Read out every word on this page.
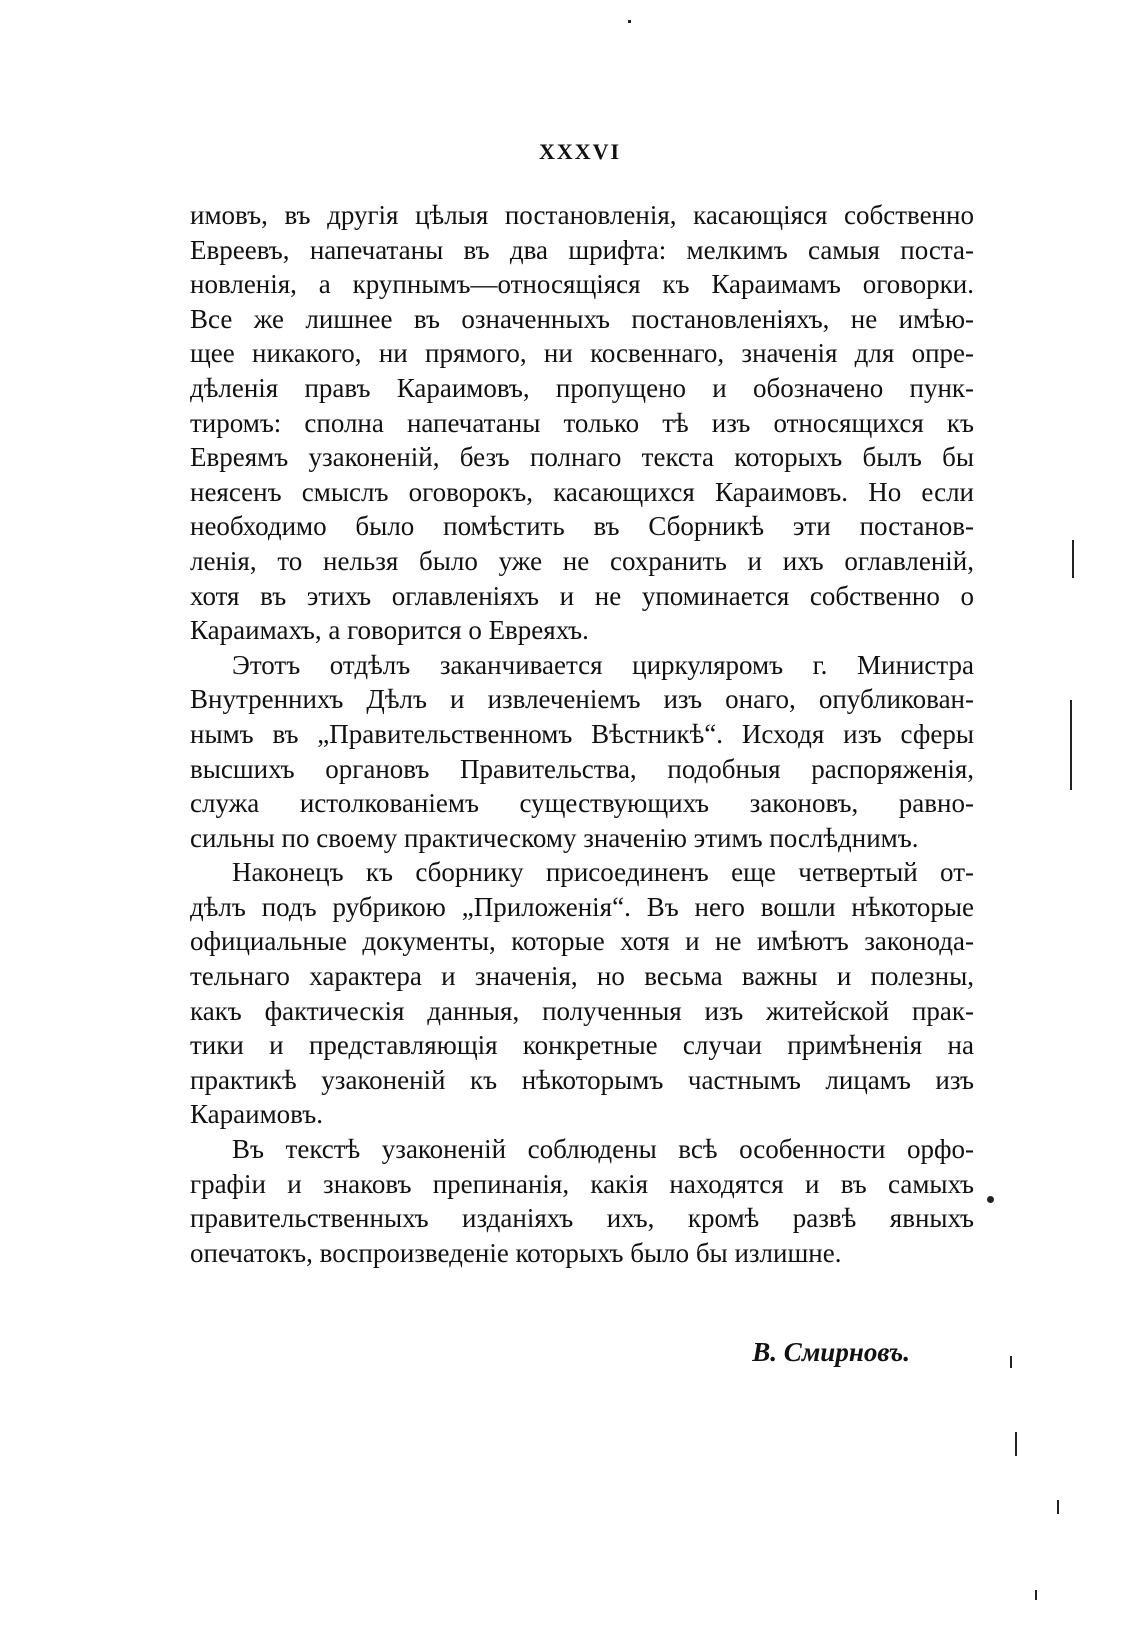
XXXVI
имовъ, въ другія цѣлыя постановленія, касающіяся собственно
Евреевъ, напечатаны въ два шрифта: мелкимъ самыя поста-
новленія, а крупнымъ—относящіяся къ Караимамъ оговорки.
Все же лишнее въ означенныхъ постановленіяхъ, не имѣю-
щее никакого, ни прямого, ни косвеннаго, значенія для опре-
дѣленія правъ Караимовъ, пропущено и обозначено пунк-
тиромъ: сполна напечатаны только тѣ изъ относящихся къ
Евреямъ узаконеній, безъ полнаго текста которыхъ былъ бы
неясенъ смыслъ оговорокъ, касающихся Караимовъ. Но если
необходимо было помѣстить въ Сборникѣ эти постанов-
ленія, то нельзя было уже не сохранить и ихъ оглавленій,
хотя въ этихъ оглавленіяхъ и не упоминается собственно о
Караимахъ, а говорится о Евреяхъ.
Этотъ отдѣлъ заканчивается циркуляромъ г. Министра
Внутреннихъ Дѣлъ и извлеченіемъ изъ онаго, опубликован-
нымъ въ „Правительственномъ Вѣстникѣ“. Исходя изъ сферы
высшихъ органовъ Правительства, подобныя распоряженія,
служа истолкованіемъ существующихъ законовъ, равно-
сильны по своему практическому значенію этимъ послѣднимъ.
Наконецъ къ сборнику присоединенъ еще четвертый от-
дѣлъ подъ рубрикою „Приложенія“. Въ него вошли нѣкоторые
официальные документы, которые хотя и не имѣютъ законода-
тельнаго характера и значенія, но весьма важны и полезны,
какъ фактическія данныя, полученныя изъ житейской прак-
тики и представляющія конкретные случаи примѣненія на
практикѣ узаконеній къ нѣкоторымъ частнымъ лицамъ изъ
Караимовъ.
Въ текстѣ узаконеній соблюдены всѣ особенности орфо-
графіи и знаковъ препинанія, какія находятся и въ самыхъ
правительственныхъ изданіяхъ ихъ, кромѣ развѣ явныхъ
опечатокъ, воспроизведеніе которыхъ было бы излишне.
В. Смирновъ.
